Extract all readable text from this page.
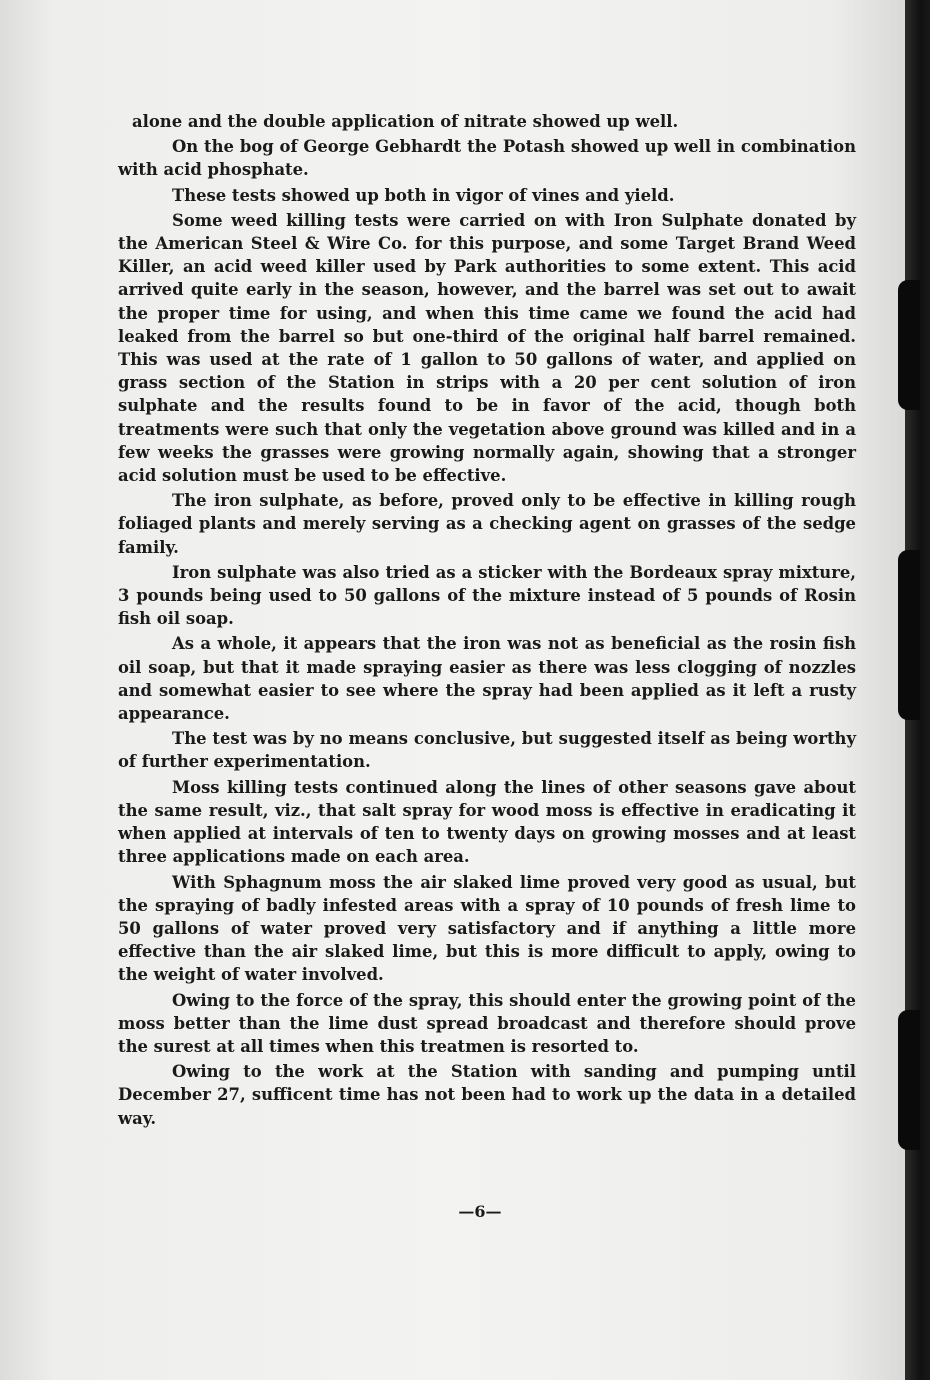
alone and the double application of nitrate showed up well.

On the bog of George Gebhardt the Potash showed up well in combination with acid phosphate.

These tests showed up both in vigor of vines and yield.

Some weed killing tests were carried on with Iron Sulphate donated by the American Steel & Wire Co. for this purpose, and some Target Brand Weed Killer, an acid weed killer used by Park authorities to some extent. This acid arrived quite early in the season, however, and the barrel was set out to await the proper time for using, and when this time came we found the acid had leaked from the barrel so but one-third of the original half barrel remained. This was used at the rate of 1 gallon to 50 gallons of water, and applied on grass section of the Station in strips with a 20 per cent solution of iron sulphate and the results found to be in favor of the acid, though both treatments were such that only the vegetation above ground was killed and in a few weeks the grasses were growing normally again, showing that a stronger acid solution must be used to be effective.

The iron sulphate, as before, proved only to be effective in killing rough foliaged plants and merely serving as a checking agent on grasses of the sedge family.

Iron sulphate was also tried as a sticker with the Bordeaux spray mixture, 3 pounds being used to 50 gallons of the mixture instead of 5 pounds of Rosin fish oil soap.

As a whole, it appears that the iron was not as beneficial as the rosin fish oil soap, but that it made spraying easier as there was less clogging of nozzles and somewhat easier to see where the spray had been applied as it left a rusty appearance.

The test was by no means conclusive, but suggested itself as being worthy of further experimentation.

Moss killing tests continued along the lines of other seasons gave about the same result, viz., that salt spray for wood moss is effective in eradicating it when applied at intervals of ten to twenty days on growing mosses and at least three applications made on each area.

With Sphagnum moss the air slaked lime proved very good as usual, but the spraying of badly infested areas with a spray of 10 pounds of fresh lime to 50 gallons of water proved very satisfactory and if anything a little more effective than the air slaked lime, but this is more difficult to apply, owing to the weight of water involved.

Owing to the force of the spray, this should enter the growing point of the moss better than the lime dust spread broadcast and therefore should prove the surest at all times when this treatmen is resorted to.

Owing to the work at the Station with sanding and pumping until December 27, sufficent time has not been had to work up the data in a detailed way.

—6—
